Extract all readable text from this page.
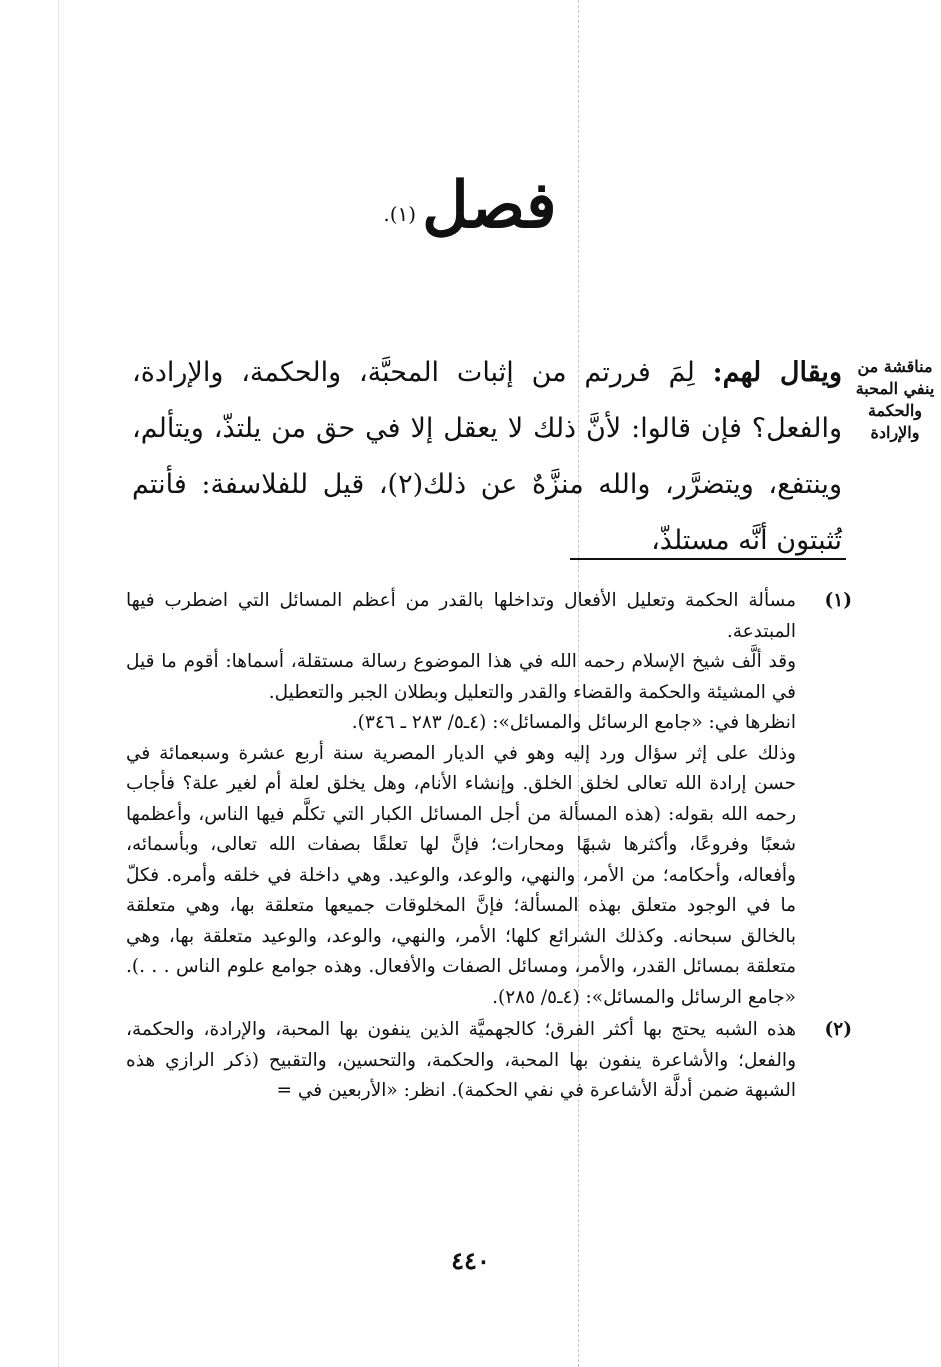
فصل(١).
مناقشة من ينفي المحبة والحكمة والإرادة
ويقال لهم: لِمَ فررتم من إثبات المحبَّة، والحكمة، والإرادة، والفعل؟ فإن قالوا: لأنَّ ذلك لا يعقل إلا في حق من يلتذّ، ويتألم، وينتفع، ويتضرَّر، والله منزَّهٌ عن ذلك(٢)، قيل للفلاسفة: فأنتم تُثبتون أنَّه مستلذّ،
(١)

مسألة الحكمة وتعليل الأفعال وتداخلها بالقدر من أعظم المسائل التي اضطرب فيها المبتدعة.

وقد ألَّف شيخ الإسلام رحمه الله في هذا الموضوع رسالة مستقلة، أسماها: أقوم ما قيل في المشيئة والحكمة والقضاء والقدر والتعليل وبطلان الجبر والتعطيل.

انظرها في: «جامع الرسائل والمسائل»: (٤ـ٥/ ٢٨٣ ـ ٣٤٦).

وذلك على إثر سؤال ورد إليه وهو في الديار المصرية سنة أربع عشرة وسبعمائة في حسن إرادة الله تعالى لخلق الخلق. وإنشاء الأنام، وهل يخلق لعلة أم لغير علة؟ فأجاب رحمه الله بقوله: (هذه المسألة من أجل المسائل الكبار التي تكلَّم فيها الناس، وأعظمها شعبًا وفروعًا، وأكثرها شبهًا ومحارات؛ فإنَّ لها تعلقًا بصفات الله تعالى، وبأسمائه، وأفعاله، وأحكامه؛ من الأمر، والنهي، والوعد، والوعيد. وهي داخلة في خلقه وأمره. فكلّ ما في الوجود متعلق بهذه المسألة؛ فإنَّ المخلوقات جميعها متعلقة بها، وهي متعلقة بالخالق سبحانه. وكذلك الشرائع كلها؛ الأمر، والنهي، والوعد، والوعيد متعلقة بها، وهي متعلقة بمسائل القدر، والأمر، ومسائل الصفات والأفعال. وهذه جوامع علوم الناس . . .). «جامع الرسائل والمسائل»: (٤ـ٥/ ٢٨٥).

(٢)

هذه الشبه يحتج بها أكثر الفرق؛ كالجهميَّة الذين ينفون بها المحبة، والإرادة، والحكمة، والفعل؛ والأشاعرة ينفون بها المحبة، والحكمة، والتحسين، والتقبيح (ذكر الرازي هذه الشبهة ضمن أدلَّة الأشاعرة في نفي الحكمة). انظر: «الأربعين في =

٤٤٠
